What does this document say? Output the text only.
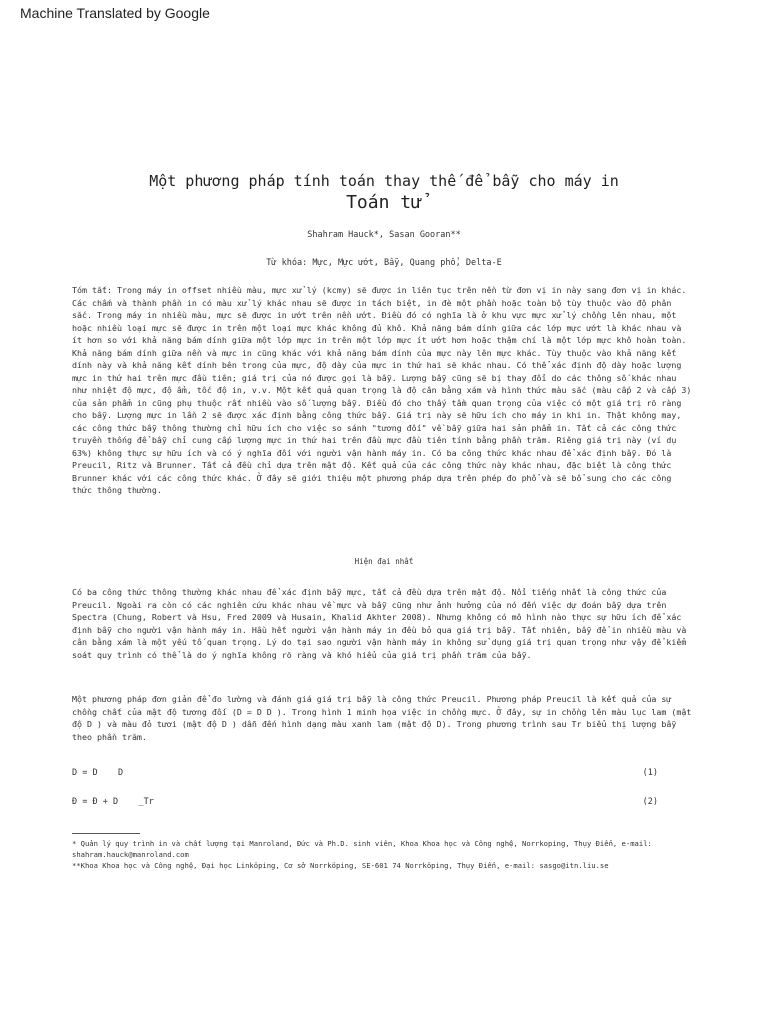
Machine Translated by Google
Một phương pháp tính toán thay thế để bẫy cho máy in
Toán tử
Shahram Hauck*, Sasan Gooran**
Từ khóa: Mực, Mực ướt, Bẫy, Quang phổ, Delta-E

Tóm tắt: Trong máy in offset nhiều màu, mực xử lý (kcmy) sẽ được in liên tục trên nền từ đơn vị in này sang đơn vị in khác. Các chấm và thành phần in có màu xử lý khác nhau sẽ được in tách biệt, in đè một phần hoặc toàn bộ tùy thuộc vào độ phân sắc. Trong máy in nhiều màu, mực sẽ được in ướt trên nền ướt. Điều đó có nghĩa là ở khu vực mực xử lý chồng lên nhau, một hoặc nhiều loại mực sẽ được in trên một loại mực khác không đủ khô. Khả năng bám dính giữa các lớp mực ướt là khác nhau và ít hơn so với khả năng bám dính giữa một lớp mực in trên một lớp mực ít ướt hơn hoặc thậm chí là một lớp mực khô hoàn toàn. Khả năng bám dính giữa nền và mực in cũng khác với khả năng bám dính của mực này lên mực khác. Tùy thuộc vào khả năng kết dính này và khả năng kết dính bên trong của mực, độ dày của mực in thứ hai sẽ khác nhau. Có thể xác định độ dày hoặc lượng mực in thứ hai trên mực đầu tiên; giá trị của nó được gọi là bẫy. Lượng bẫy cũng sẽ bị thay đổi do các thông số khác nhau như nhiệt độ mực, độ ẩm, tốc độ in, v.v. Một kết quả quan trọng là độ cân bằng xám và hình thức màu sắc (màu cấp 2 và cấp 3) của sản phẩm in cũng phụ thuộc rất nhiều vào số lượng bẫy. Điều đó cho thấy tầm quan trọng của việc có một giá trị rõ ràng cho bẫy. Lượng mực in lần 2 sẽ được xác định bằng công thức bẫy. Giá trị này sẽ hữu ích cho máy in khi in. Thật không may, các công thức bẫy thông thường chỉ hữu ích cho việc so sánh "tương đối" về bẫy giữa hai sản phẩm in. Tất cả các công thức truyền thống để bẫy chỉ cung cấp lượng mực in thứ hai trên đầu mực đầu tiên tính bằng phần trăm. Riêng giá trị này (ví dụ 63%) không thực sự hữu ích và có ý nghĩa đối với người vận hành máy in. Có ba công thức khác nhau để xác định bẫy. Đó là Preucil, Ritz và Brunner. Tất cả đều chỉ dựa trên mật độ. Kết quả của các công thức này khác nhau, đặc biệt là công thức Brunner khác với các công thức khác. Ở đây sẽ giới thiệu một phương pháp dựa trên phép đo phổ và sẽ bổ sung cho các công thức thông thường.

Hiện đại nhất

Có ba công thức thông thường khác nhau để xác định bẫy mực, tất cả đều dựa trên mật độ. Nổi tiếng nhất là công thức của Preucil. Ngoài ra còn có các nghiên cứu khác nhau về mực và bẫy cũng như ảnh hưởng của nó đến việc dự đoán bẫy dựa trên Spectra (Chung, Robert và Hsu, Fred 2009 và Husain, Khalid Akhter 2008). Nhưng không có mô hình nào thực sự hữu ích để xác định bẫy cho người vận hành máy in. Hầu hết người vận hành máy in đều bỏ qua giá trị bẫy. Tất nhiên, bẫy để in nhiều màu và cân bằng xám là một yếu tố quan trọng. Lý do tại sao người vận hành máy in không sử dụng giá trị quan trọng như vậy để kiểm soát quy trình có thể là do ý nghĩa không rõ ràng và khó hiểu của giá trị phần trăm của bẫy.

Một phương pháp đơn giản để đo lường và đánh giá giá trị bẫy là công thức Preucil. Phương pháp Preucil là kết quả của sự chồng chất của mật độ tương đối (D = D D ). Trong hình 1 minh họa việc in chồng mực. Ở đây, sự in chồng lên màu lục lam (mật độ D ) và màu đỏ tươi (mật độ D ) dẫn đến hình dạng màu xanh lam (mật độ D). Trong phương trình sau Tr biểu thị lượng bẫy theo phần trăm.

D = D    D	(1)
Đ = Đ + D    _Tr	(2)

* Quản lý quy trình in và chất lượng tại Manroland, Đức và Ph.D. sinh viên, Khoa Khoa học và Công nghệ, Norrkoping, Thụy Điển, e-mail: shahram.hauck@manroland.com

**Khoa Khoa học và Công nghệ, Đại học Linköping, Cơ sở Norrköping, SE-601 74 Norrköping, Thụy Điển, e-mail: sasgo@itn.liu.se
